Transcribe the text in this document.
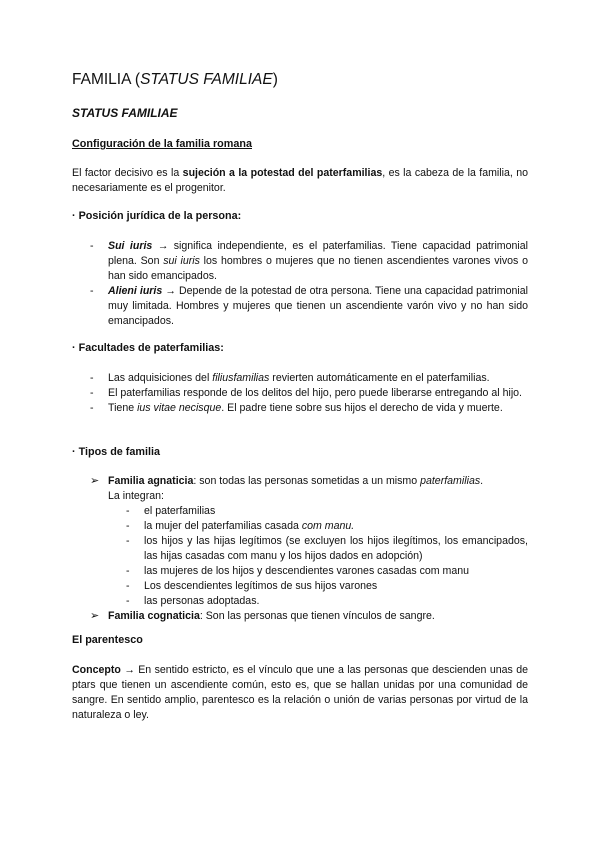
FAMILIA (STATUS FAMILIAE)
STATUS FAMILIAE
Configuración de la familia romana
El factor decisivo es la sujeción a la potestad del paterfamilias, es la cabeza de la familia, no necesariamente es el progenitor.
· Posición jurídica de la persona:
-	Sui iuris → significa independiente, es el paterfamilias. Tiene capacidad patrimonial plena. Son sui iuris los hombres o mujeres que no tienen ascendientes varones vivos o han sido emancipados.
-	Alieni iuris → Depende de la potestad de otra persona. Tiene una capacidad patrimonial muy limitada. Hombres y mujeres que tienen un ascendiente varón vivo y no han sido emancipados.
· Facultades de paterfamilias:
-	Las adquisiciones del filiusfamilias revierten automáticamente en el paterfamilias.
-	El paterfamilias responde de los delitos del hijo, pero puede liberarse entregando al hijo.
-	Tiene ius vitae necisque. El padre tiene sobre sus hijos el derecho de vida y muerte.
· Tipos de familia
➢ Familia agnaticia: son todas las personas sometidas a un mismo paterfamilias.
La integran:
-	el paterfamilias
-	la mujer del paterfamilias casada com manu.
-	los hijos y las hijas legítimos (se excluyen los hijos ilegítimos, los emancipados, las hijas casadas com manu y los hijos dados en adopción)
-	las mujeres de los hijos y descendientes varones casadas com manu
-	Los descendientes legítimos de sus hijos varones
-	las personas adoptadas.
➢ Familia cognaticia: Son las personas que tienen vínculos de sangre.
El parentesco
Concepto → En sentido estricto, es el vínculo que une a las personas que descienden unas de ptars que tienen un ascendiente común, esto es, que se hallan unidas por una comunidad de sangre. En sentido amplio, parentesco es la relación o unión de varias personas por virtud de la naturaleza o ley.
